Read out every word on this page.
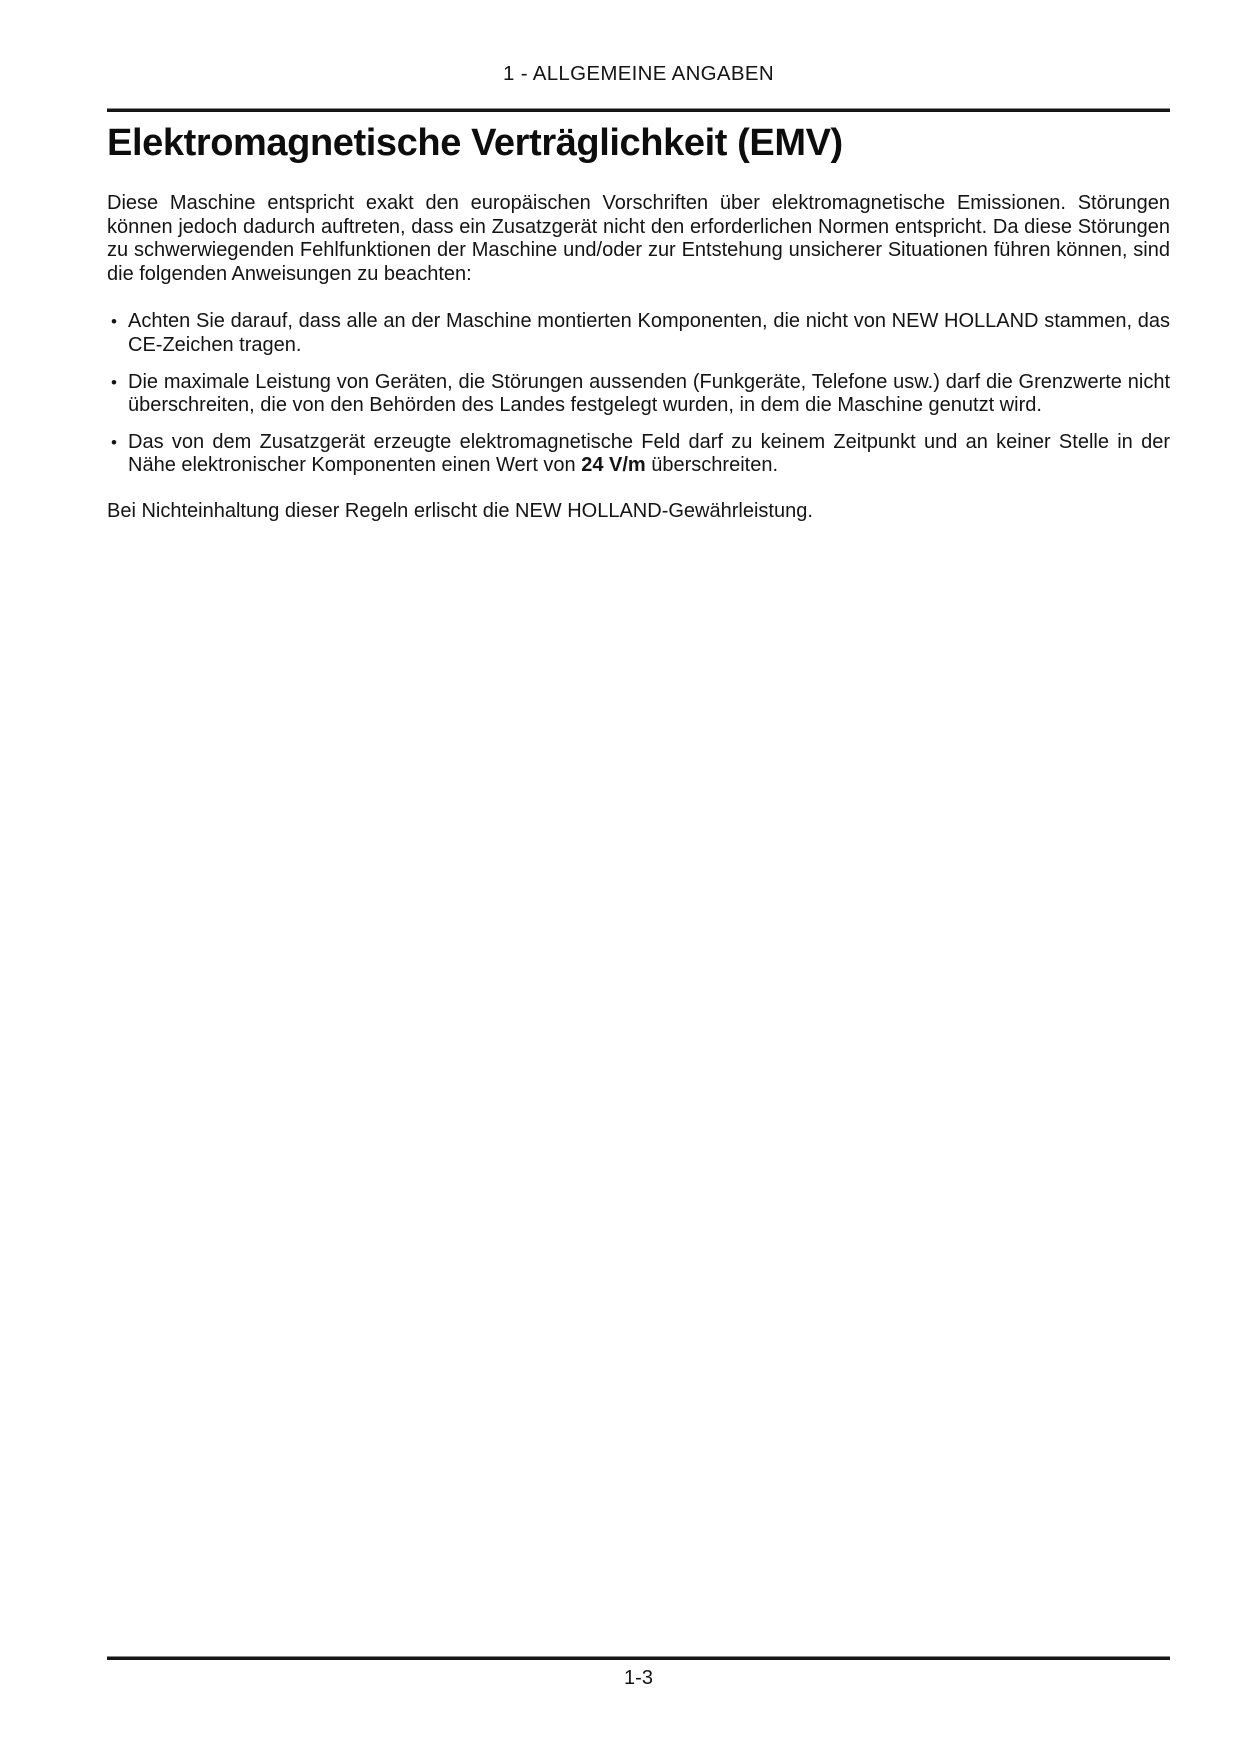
1 - ALLGEMEINE ANGABEN
Elektromagnetische Verträglichkeit (EMV)

Diese Maschine entspricht exakt den europäischen Vorschriften über elektromagnetische Emissionen. Störungen können jedoch dadurch auftreten, dass ein Zusatzgerät nicht den erforderlichen Normen entspricht. Da diese Störungen zu schwerwiegenden Fehlfunktionen der Maschine und/oder zur Entstehung unsicherer Situationen führen können, sind die folgenden Anweisungen zu beachten:

• Achten Sie darauf, dass alle an der Maschine montierten Komponenten, die nicht von NEW HOLLAND stammen, das CE-Zeichen tragen.
• Die maximale Leistung von Geräten, die Störungen aussenden (Funkgeräte, Telefone usw.) darf die Grenzwerte nicht überschreiten, die von den Behörden des Landes festgelegt wurden, in dem die Maschine genutzt wird.
• Das von dem Zusatzgerät erzeugte elektromagnetische Feld darf zu keinem Zeitpunkt und an keiner Stelle in der Nähe elektronischer Komponenten einen Wert von 24 V/m überschreiten.

Bei Nichteinhaltung dieser Regeln erlischt die NEW HOLLAND-Gewährleistung.

1-3
